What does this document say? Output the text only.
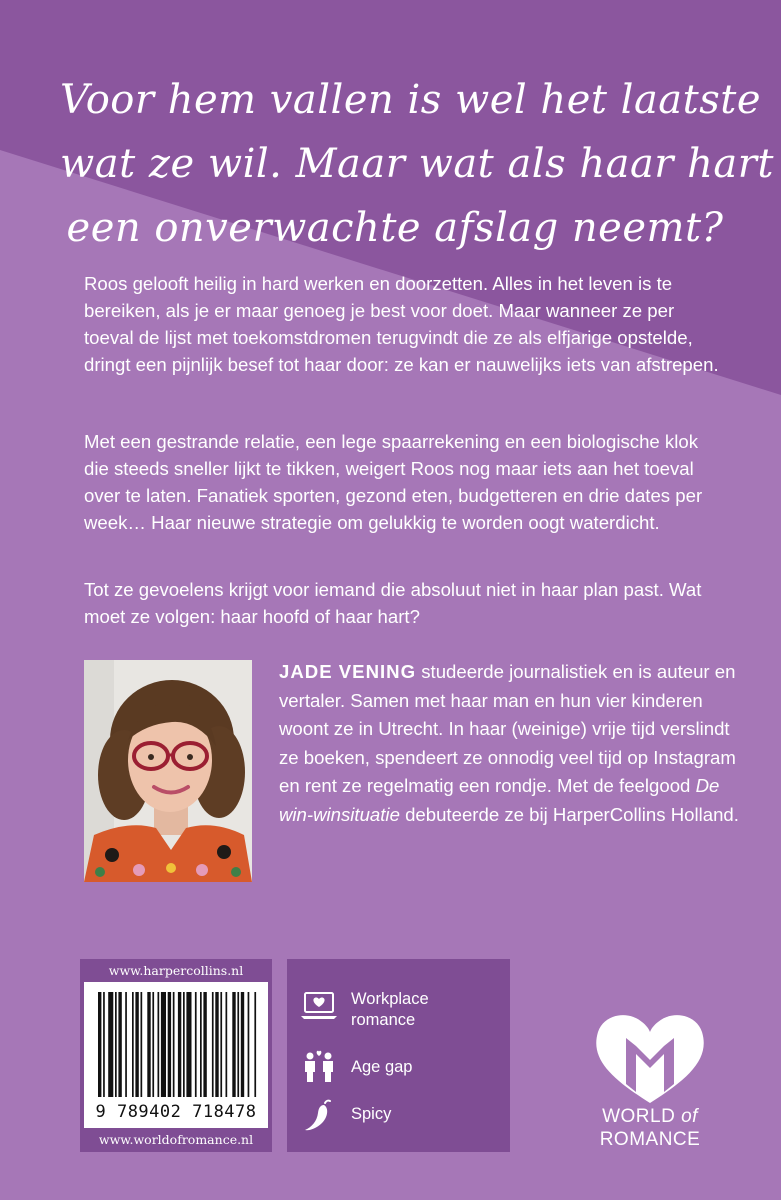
Voor hem vallen is wel het laatste
wat ze wil. Maar wat als haar hart
een onverwachte afslag neemt?

Roos gelooft heilig in hard werken en doorzetten. Alles in het leven is te bereiken, als je er maar genoeg je best voor doet. Maar wanneer ze per toeval de lijst met toekomstdromen terugvindt die ze als elfjarige opstelde, dringt een pijnlijk besef tot haar door: ze kan er nauwelijks iets van afstrepen.

Met een gestrande relatie, een lege spaarrekening en een biologische klok die steeds sneller lijkt te tikken, weigert Roos nog maar iets aan het toeval over te laten. Fanatiek sporten, gezond eten, budgetteren en drie dates per week… Haar nieuwe strategie om gelukkig te worden oogt waterdicht.

Tot ze gevoelens krijgt voor iemand die absoluut niet in haar plan past. Wat moet ze volgen: haar hoofd of haar hart?

JADE VENING studeerde journalistiek en is auteur en vertaler. Samen met haar man en hun vier kinderen woont ze in Utrecht. In haar (weinige) vrije tijd verslindt ze boeken, spendeert ze onnodig veel tijd op Instagram en rent ze regelmatig een rondje. Met de feelgood De win-winsituatie debuteerde ze bij HarperCollins Holland.

www.harpercollins.nl
9 789402 718478
www.worldofromance.nl
Workplace romance
Age gap
Spicy	WORLD of
ROMANCE
